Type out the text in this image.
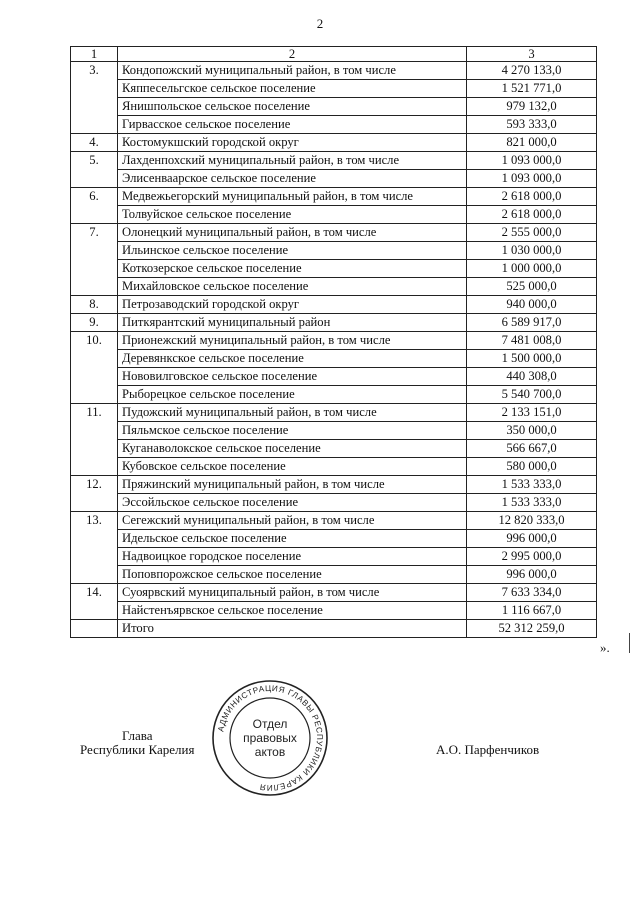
2
1	2	3
3.	Кондопожский муниципальный район, в том числе	4 270 133,0
	Кяппесельгское сельское поселение	1 521 771,0
	Янишпольское сельское поселение	979 132,0
	Гирвасское сельское поселение	593 333,0
4.	Костомукшский городской округ	821 000,0
5.	Лахденпохский муниципальный район, в том числе	1 093 000,0
	Элисенваарское сельское поселение	1 093 000,0
6.	Медвежьегорский муниципальный район, в том числе	2 618 000,0
	Толвуйское сельское поселение	2 618 000,0
7.	Олонецкий муниципальный район, в том числе	2 555 000,0
	Ильинское сельское поселение	1 030 000,0
	Коткозерское сельское поселение	1 000 000,0
	Михайловское сельское поселение	525 000,0
8.	Петрозаводский городской округ	940 000,0
9.	Питкярантский муниципальный район	6 589 917,0
10.	Прионежский муниципальный район, в том числе	7 481 008,0
	Деревянкское сельское поселение	1 500 000,0
	Нововилговское сельское поселение	440 308,0
	Рыборецкое сельское поселение	5 540 700,0
11.	Пудожский муниципальный район, в том числе	2 133 151,0
	Пяльмское сельское поселение	350 000,0
	Куганаволокское сельское поселение	566 667,0
	Кубовское сельское поселение	580 000,0
12.	Пряжинский муниципальный район, в том числе	1 533 333,0
	Эссойльское сельское поселение	1 533 333,0
13.	Сегежский муниципальный район, в том числе	12 820 333,0
	Идельское сельское поселение	996 000,0
	Надвоицкое городское поселение	2 995 000,0
	Поповпорожское сельское поселение	996 000,0
14.	Суоярвский муниципальный район, в том числе	7 633 334,0
	Найстенъярвское сельское поселение	1 116 667,0
	Итого	52 312 259,0
».
Глава
Республики Карелия
АДМИНИСТРАЦИЯ ГЛАВЫ РЕСПУБЛИКИ КАРЕЛИЯ
Отдел
правовых
актов	А.О. Парфенчиков
